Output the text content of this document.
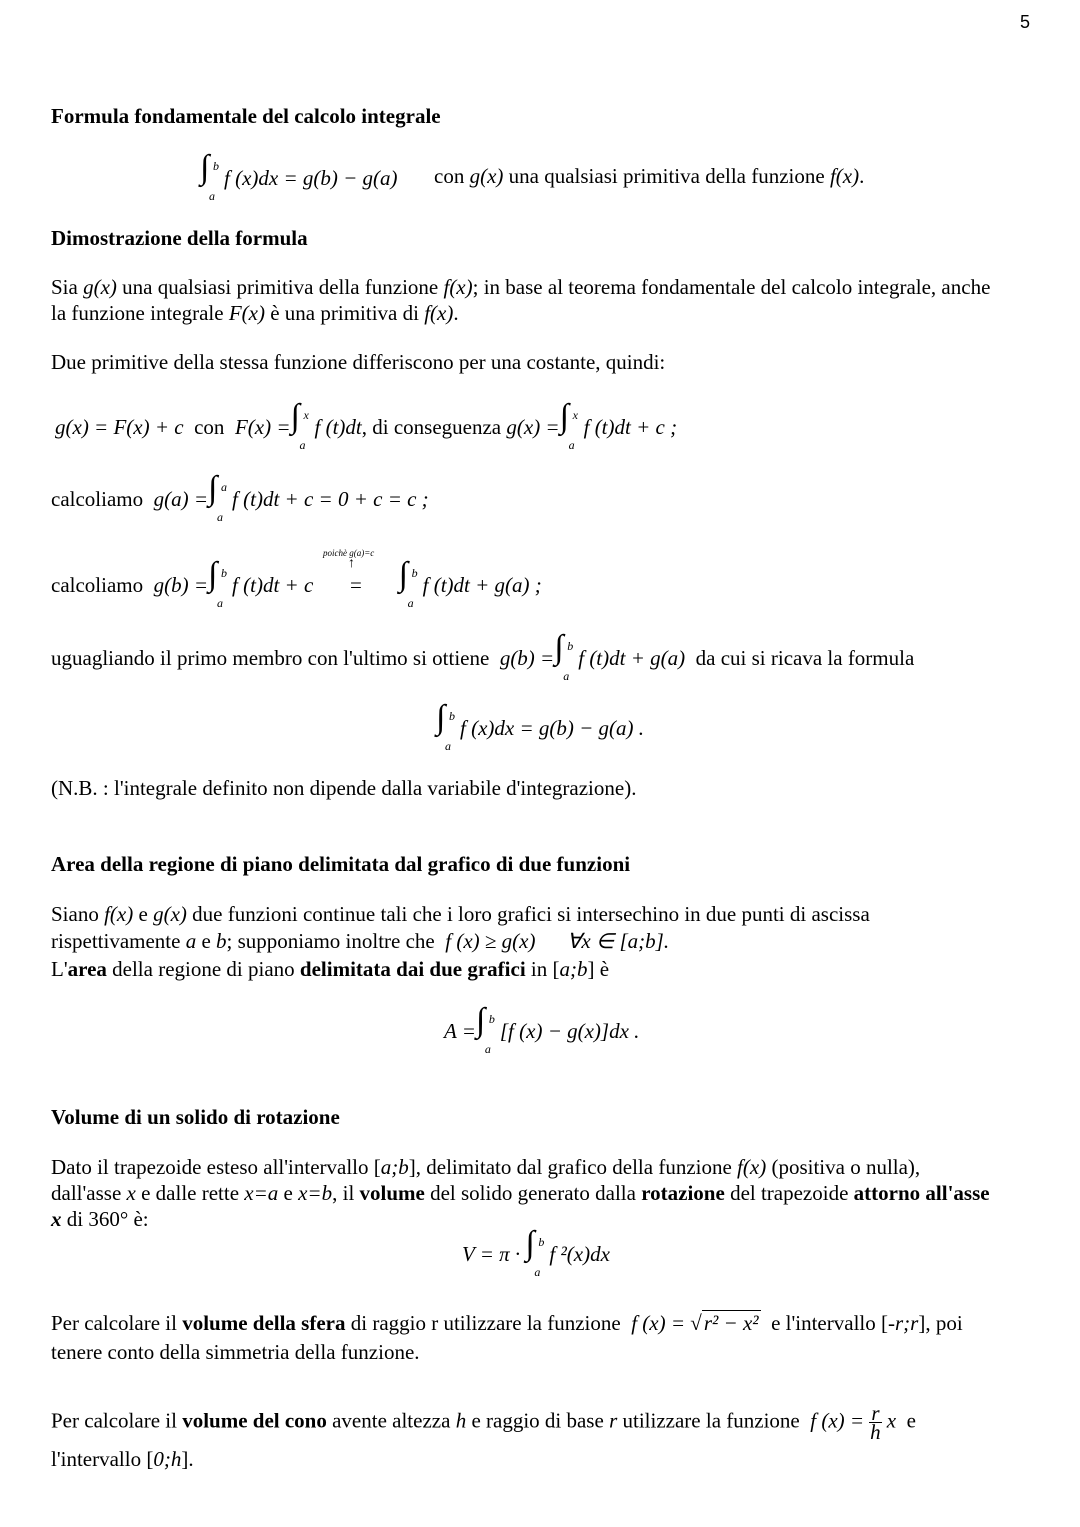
5
Formula fondamentale del calcolo integrale
∫ b
a
f (x)dx = g(b) − g(a) con g(x) una qualsiasi primitiva della funzione f(x).
Dimostrazione della formula
Sia g(x) una qualsiasi primitiva della funzione f(x); in base al teorema fondamentale del calcolo integrale, anche
la funzione integrale F(x) è una primitiva di f(x).
Due primitive della stessa funzione differiscono per una costante, quindi:
g(x) = F(x) + c con F(x) = ∫ x
a
f (t)dt, di conseguenza g(x) = ∫ x
a
f (t)dt + c ;
calcoliamo g(a) = ∫ a
a
f (t)dt + c = 0 + c = c ;
poichè g(a)=c
↑
calcoliamo g(b) = ∫ b
a
f (t)dt + c = ∫ b
a
f (t)dt + g(a) ;
uguagliando il primo membro con l'ultimo si ottiene g(b) = ∫ b
a
f (t)dt + g(a) da cui si ricava la formula
∫ b
a
f (x)dx = g(b) − g(a) .
(N.B. : l'integrale definito non dipende dalla variabile d'integrazione).
Area della regione di piano delimitata dal grafico di due funzioni
Siano f(x) e g(x) due funzioni continue tali che i loro grafici si intersechino in due punti di ascissa
rispettivamente a e b; supponiamo inoltre che f (x) ≥ g(x) ∀x ∈ [a;b].
L'area della regione di piano delimitata dai due grafici in [a;b] è
A = ∫ b
a
[f (x) − g(x)]dx .
Volume di un solido di rotazione
Dato il trapezoide esteso all'intervallo [a;b], delimitato dal grafico della funzione f(x) (positiva o nulla),
dall'asse x e dalle rette x=a e x=b, il volume del solido generato dalla rotazione del trapezoide attorno all'asse
x di 360° è:
V = π · ∫ b
a
f ²(x)dx
Per calcolare il volume della sfera di raggio r utilizzare la funzione f (x) = √r² − x² e l'intervallo [-r;r], poi
tenere conto della simmetria della funzione.
Per calcolare il volume del cono avente altezza h e raggio di base r utilizzare la funzione f $(x) = \frac{r}{h}$ x e
l'intervallo [0;h].
